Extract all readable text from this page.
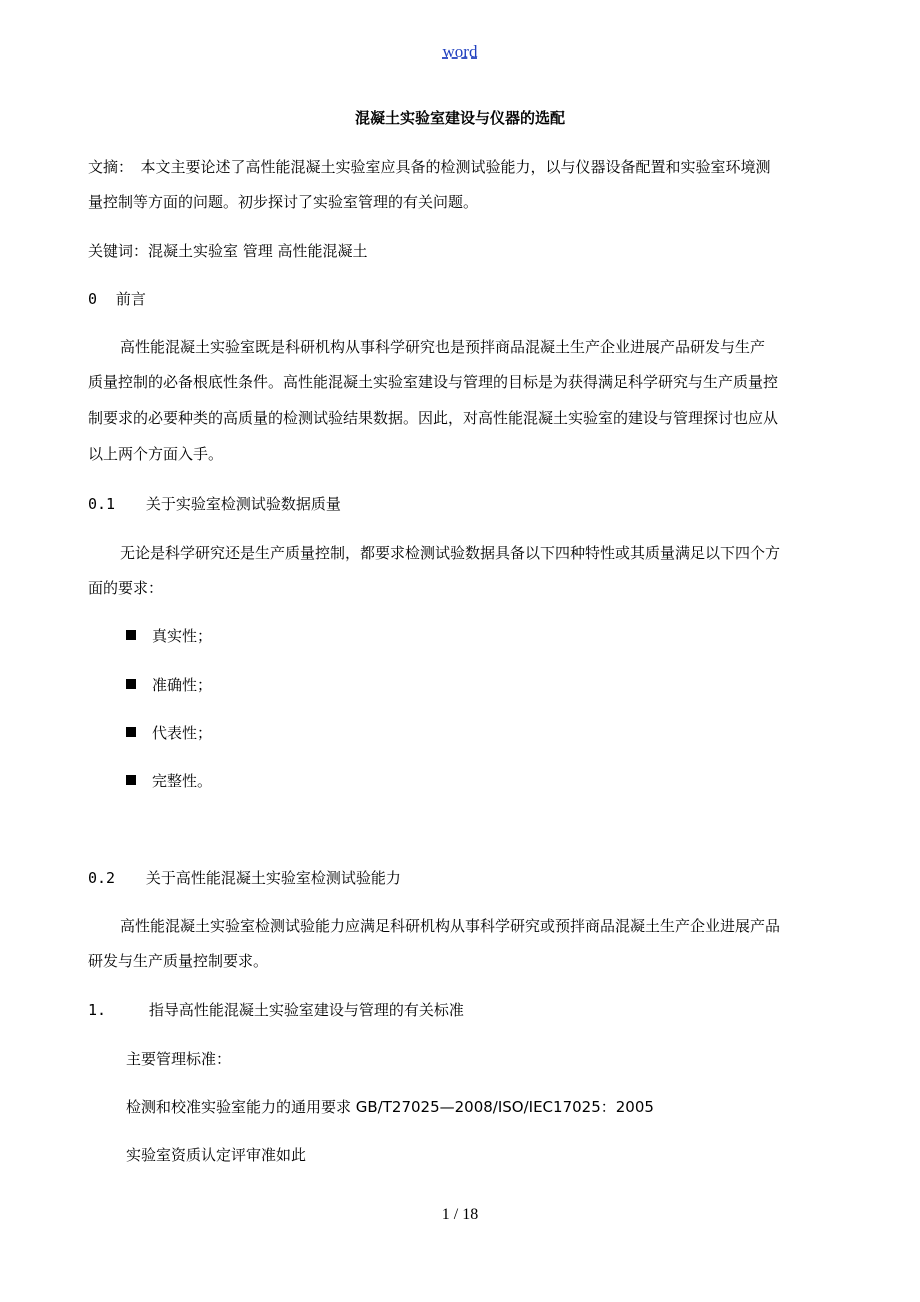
word
混凝土实验室建设与仪器的选配
文摘：　本文主要论述了高性能混凝土实验室应具备的检测试验能力，以与仪器设备配置和实验室环境测
量控制等方面的问题。初步探讨了实验室管理的有关问题。
关键词：混凝土实验室 管理 高性能混凝土
0 前言
高性能混凝土实验室既是科研机构从事科学研究也是预拌商品混凝土生产企业进展产品研发与生产
质量控制的必备根底性条件。高性能混凝土实验室建设与管理的目标是为获得满足科学研究与生产质量控
制要求的必要种类的高质量的检测试验结果数据。因此，对高性能混凝土实验室的建设与管理探讨也应从
以上两个方面入手。
0.1 关于实验室检测试验数据质量
无论是科学研究还是生产质量控制，都要求检测试验数据具备以下四种特性或其质量满足以下四个方
面的要求：
真实性；
准确性；
代表性；
完整性。
0.2 关于高性能混凝土实验室检测试验能力
高性能混凝土实验室检测试验能力应满足科研机构从事科学研究或预拌商品混凝土生产企业进展产品
研发与生产质量控制要求。
1.	指导高性能混凝土实验室建设与管理的有关标准
主要管理标准：
检测和校准实验室能力的通用要求 GB/T27025—2008/ISO/IEC17025：2005
实验室资质认定评审准如此
1 / 18
